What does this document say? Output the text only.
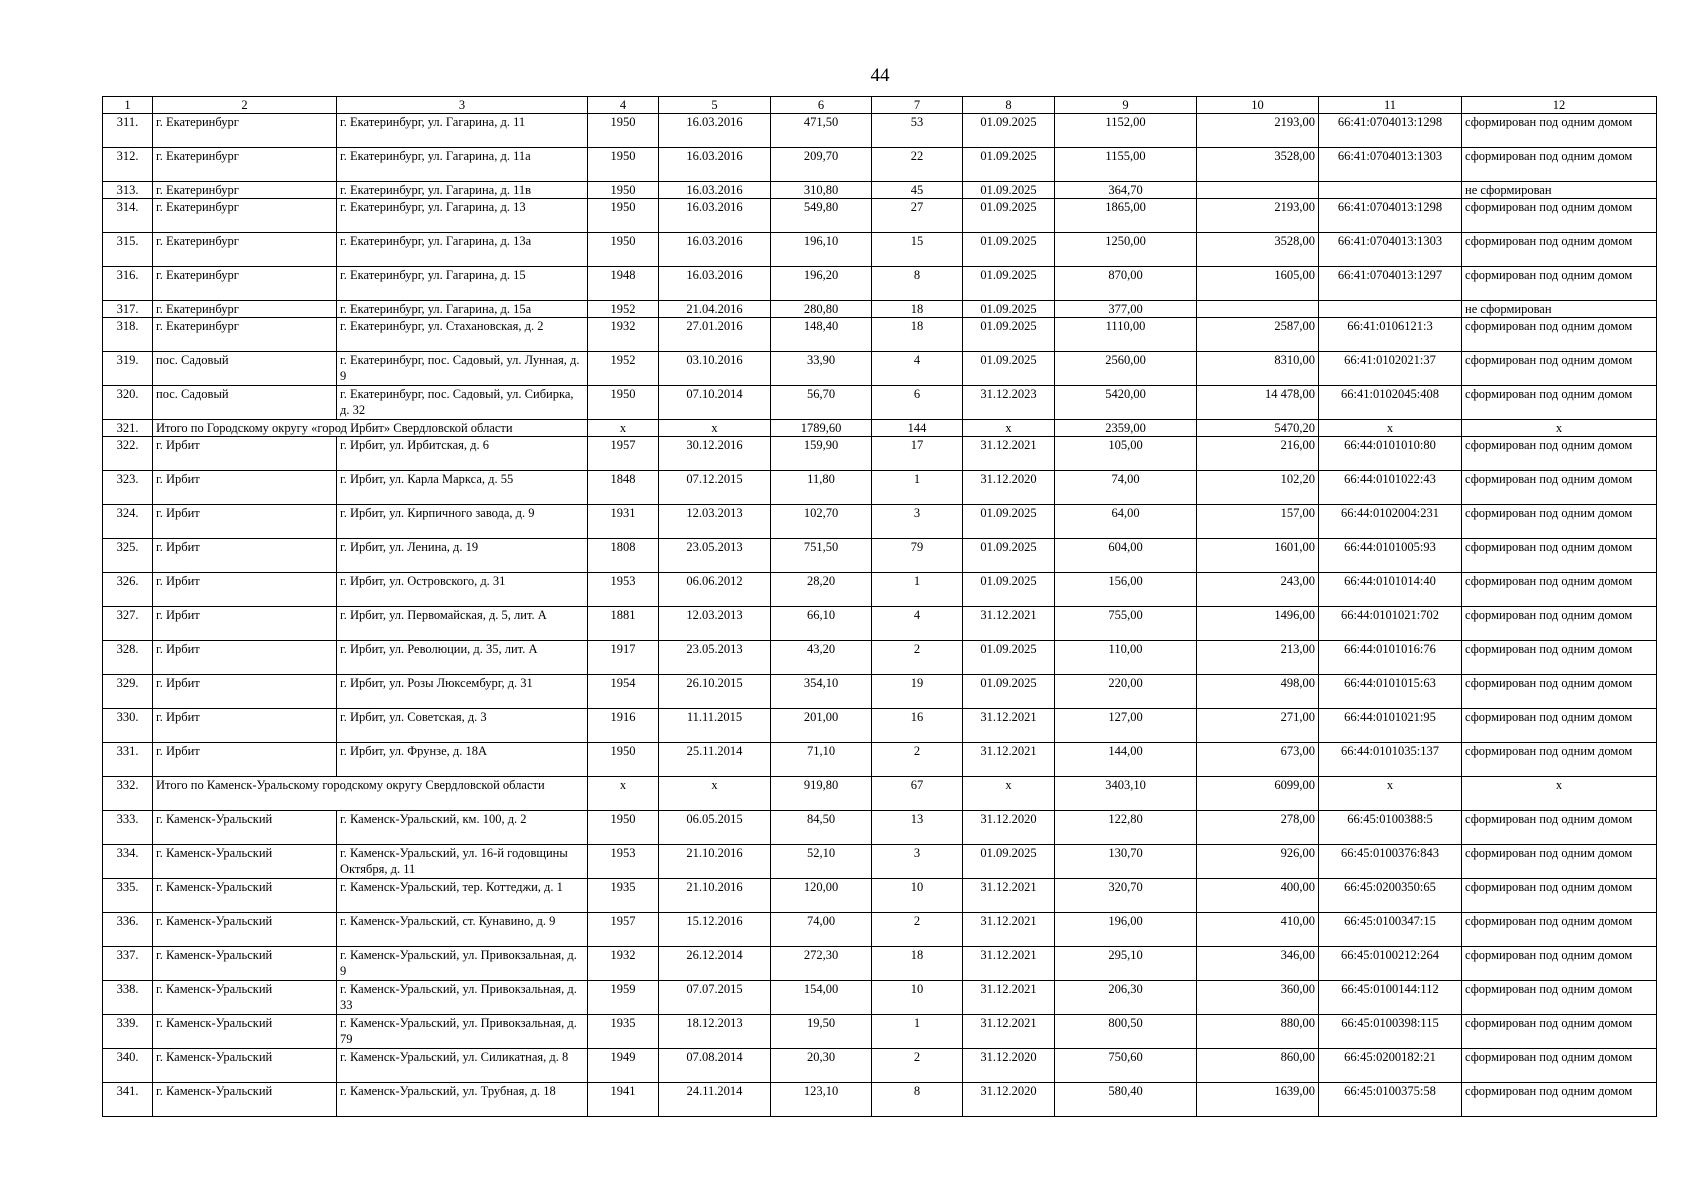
44
1	2	3	4	5	6	7	8	9	10	11	12
311.	г. Екатеринбург	г. Екатеринбург, ул. Гагарина, д. 11	1950	16.03.2016	471,50	53	01.09.2025	1152,00	2193,00	66:41:0704013:1298	сформирован под одним домом
312.	г. Екатеринбург	г. Екатеринбург, ул. Гагарина, д. 11а	1950	16.03.2016	209,70	22	01.09.2025	1155,00	3528,00	66:41:0704013:1303	сформирован под одним домом
313.	г. Екатеринбург	г. Екатеринбург, ул. Гагарина, д. 11в	1950	16.03.2016	310,80	45	01.09.2025	364,70			не сформирован
314.	г. Екатеринбург	г. Екатеринбург, ул. Гагарина, д. 13	1950	16.03.2016	549,80	27	01.09.2025	1865,00	2193,00	66:41:0704013:1298	сформирован под одним домом
315.	г. Екатеринбург	г. Екатеринбург, ул. Гагарина, д. 13а	1950	16.03.2016	196,10	15	01.09.2025	1250,00	3528,00	66:41:0704013:1303	сформирован под одним домом
316.	г. Екатеринбург	г. Екатеринбург, ул. Гагарина, д. 15	1948	16.03.2016	196,20	8	01.09.2025	870,00	1605,00	66:41:0704013:1297	сформирован под одним домом
317.	г. Екатеринбург	г. Екатеринбург, ул. Гагарина, д. 15а	1952	21.04.2016	280,80	18	01.09.2025	377,00			не сформирован
318.	г. Екатеринбург	г. Екатеринбург, ул. Стахановская, д. 2	1932	27.01.2016	148,40	18	01.09.2025	1110,00	2587,00	66:41:0106121:3	сформирован под одним домом
319.	пос. Садовый	г. Екатеринбург, пос. Садовый, ул. Лунная, д. 9	1952	03.10.2016	33,90	4	01.09.2025	2560,00	8310,00	66:41:0102021:37	сформирован под одним домом
320.	пос. Садовый	г. Екатеринбург, пос. Садовый, ул. Сибирка, д. 32	1950	07.10.2014	56,70	6	31.12.2023	5420,00	14 478,00	66:41:0102045:408	сформирован под одним домом
321.	Итого по Городскому округу «город Ирбит» Свердловской области		x	x	1789,60	144	x	2359,00	5470,20	x	x
322.	г. Ирбит	г. Ирбит, ул. Ирбитская, д. 6	1957	30.12.2016	159,90	17	31.12.2021	105,00	216,00	66:44:0101010:80	сформирован под одним домом
323.	г. Ирбит	г. Ирбит, ул. Карла Маркса, д. 55	1848	07.12.2015	11,80	1	31.12.2020	74,00	102,20	66:44:0101022:43	сформирован под одним домом
324.	г. Ирбит	г. Ирбит, ул. Кирпичного завода, д. 9	1931	12.03.2013	102,70	3	01.09.2025	64,00	157,00	66:44:0102004:231	сформирован под одним домом
325.	г. Ирбит	г. Ирбит, ул. Ленина, д. 19	1808	23.05.2013	751,50	79	01.09.2025	604,00	1601,00	66:44:0101005:93	сформирован под одним домом
326.	г. Ирбит	г. Ирбит, ул. Островского, д. 31	1953	06.06.2012	28,20	1	01.09.2025	156,00	243,00	66:44:0101014:40	сформирован под одним домом
327.	г. Ирбит	г. Ирбит, ул. Первомайская, д. 5, лит. А	1881	12.03.2013	66,10	4	31.12.2021	755,00	1496,00	66:44:0101021:702	сформирован под одним домом
328.	г. Ирбит	г. Ирбит, ул. Революции, д. 35, лит. А	1917	23.05.2013	43,20	2	01.09.2025	110,00	213,00	66:44:0101016:76	сформирован под одним домом
329.	г. Ирбит	г. Ирбит, ул. Розы Люксембург, д. 31	1954	26.10.2015	354,10	19	01.09.2025	220,00	498,00	66:44:0101015:63	сформирован под одним домом
330.	г. Ирбит	г. Ирбит, ул. Советская, д. 3	1916	11.11.2015	201,00	16	31.12.2021	127,00	271,00	66:44:0101021:95	сформирован под одним домом
331.	г. Ирбит	г. Ирбит, ул. Фрунзе, д. 18А	1950	25.11.2014	71,10	2	31.12.2021	144,00	673,00	66:44:0101035:137	сформирован под одним домом
332.	Итого по Каменск-Уральскому городскому округу Свердловской области		x	x	919,80	67	x	3403,10	6099,00	x	x
333.	г. Каменск-Уральский	г. Каменск-Уральский, км. 100, д. 2	1950	06.05.2015	84,50	13	31.12.2020	122,80	278,00	66:45:0100388:5	сформирован под одним домом
334.	г. Каменск-Уральский	г. Каменск-Уральский, ул. 16-й годовщины Октября, д. 11	1953	21.10.2016	52,10	3	01.09.2025	130,70	926,00	66:45:0100376:843	сформирован под одним домом
335.	г. Каменск-Уральский	г. Каменск-Уральский, тер. Коттеджи, д. 1	1935	21.10.2016	120,00	10	31.12.2021	320,70	400,00	66:45:0200350:65	сформирован под одним домом
336.	г. Каменск-Уральский	г. Каменск-Уральский, ст. Кунавино, д. 9	1957	15.12.2016	74,00	2	31.12.2021	196,00	410,00	66:45:0100347:15	сформирован под одним домом
337.	г. Каменск-Уральский	г. Каменск-Уральский, ул. Привокзальная, д. 9	1932	26.12.2014	272,30	18	31.12.2021	295,10	346,00	66:45:0100212:264	сформирован под одним домом
338.	г. Каменск-Уральский	г. Каменск-Уральский, ул. Привокзальная, д. 33	1959	07.07.2015	154,00	10	31.12.2021	206,30	360,00	66:45:0100144:112	сформирован под одним домом
339.	г. Каменск-Уральский	г. Каменск-Уральский, ул. Привокзальная, д. 79	1935	18.12.2013	19,50	1	31.12.2021	800,50	880,00	66:45:0100398:115	сформирован под одним домом
340.	г. Каменск-Уральский	г. Каменск-Уральский, ул. Силикатная, д. 8	1949	07.08.2014	20,30	2	31.12.2020	750,60	860,00	66:45:0200182:21	сформирован под одним домом
341.	г. Каменск-Уральский	г. Каменск-Уральский, ул. Трубная, д. 18	1941	24.11.2014	123,10	8	31.12.2020	580,40	1639,00	66:45:0100375:58	сформирован под одним домом
